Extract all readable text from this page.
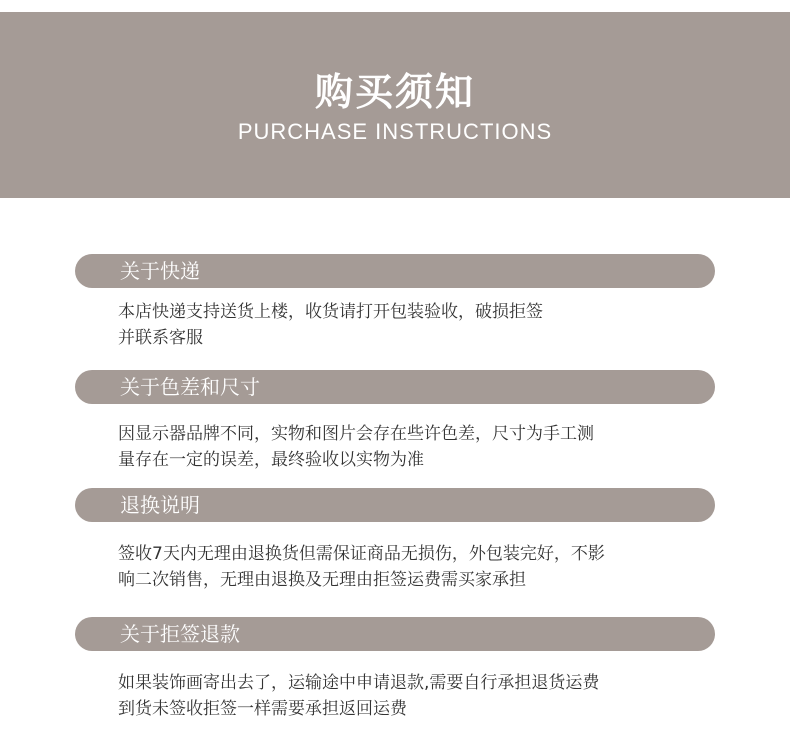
购买须知
PURCHASE INSTRUCTIONS
关于快递

本店快递支持送货上楼，收货请打开包装验收，破损拒签
并联系客服

关于色差和尺寸

因显示器品牌不同，实物和图片会存在些许色差，尺寸为手工测
量存在一定的误差，最终验收以实物为准

退换说明

签收7天内无理由退换货但需保证商品无损伤，外包装完好，不影
响二次销售，无理由退换及无理由拒签运费需买家承担

关于拒签退款

如果装饰画寄出去了，运输途中申请退款,需要自行承担退货运费
到货未签收拒签一样需要承担返回运费
